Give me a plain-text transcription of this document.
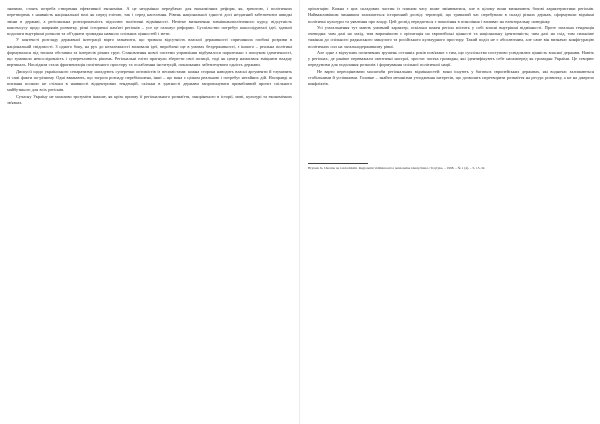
значимо, стоять потреба створення ефективної економіки. А це неодмінно передбачає для економічних реформ, як, зрештою, і політичних перетворень є наявність національної волі як перед елітою, так і серед населення. Рівень національної єдності досі нездатний забезпечити швидкі зміни в державі, а регіональна розпорошеність підсилює політичні відмінності. Нечітке визначення зовнішньополітичного курсу, відсутність консенсусу щодо напрямів розвитку, різні історичні пам'яті регіонів – усе це гальмує реформи. Суспільство потребує консолідуючої ідеї, здатної подолати внутрішні розколи та об'єднати громадян навколо спільних цінностей і мети.

У контексті розгляду державної інтеграції варто зазначити, що тривала відсутність власної державності спричинила глибокі розриви в національній свідомості. З одного боку, на рух до незалежності впливали ідеї, вироблені ще в умовах бездержавності, з іншого – реальна політика формувалася під тиском обставин та інтересів різних груп. Становлення нової системи управління відбувалося паралельно з пошуком ідентичності, що зумовило непослідовність і суперечливість рішень. Регіональні еліти прагнули зберегти свої позиції, тоді як центр намагався зміцнити владну вертикаль. Наслідком стала фрагментація політичного простору та ослаблення інституцій, покликаних забезпечувати єдність держави.

Дискусії щодо українського сепаратизму нагадують суперечки оптимістів із песимістами: кожна сторона наводить власні аргументи й тлумачить ті самі факти по-різному. Одні вважають, що загроза розпаду перебільшена, інші – що вона є цілком реальною і потребує негайних дій. Насправді ж питання полягає не стільки в наявності відцентрових тенденцій, скільки в здатності держави запропонувати привабливий проєкт спільного майбутнього для всіх регіонів.

Сучасну Україну не можливо зрозуміти інакше, як крізь призму її регіонального розмаїття, закоріненого в історії, мові, культурі та економічних зв'язках.

орієнтацію. Кожна з цих складових частин із плином часу може змінюватися, але в цілому вони визначають базові характеристики регіонів. Найважливішим чинником залишається історичний досвід: території, що тривалий час перебували в складі різних держав, сформували відмінні політичні культури та уявлення про владу. Цей досвід передається з покоління в покоління і впливає на електоральну поведінку.

Усі узагальнення тут мають умовний характер, оскільки кожен регіон містить у собі власні внутрішні відмінності. Проте загальна тенденція очевидна: чим далі на захід, тим виразнішою є орієнтація на європейські цінності та національну ідентичність; чим далі на схід, тим сильніше тяжіння до спільного радянського минулого та російського культурного простору. Такий поділ не є абсолютним, але саме він визначає конфігурацію політичних сил на загальнодержавному рівні.

Але одне з відчутних позитивних зрушень останніх років пов'язане з тим, що суспільство поступово усвідомлює цінність власної держави. Навіть у регіонах, де раніше переважали скептичні настрої, зростає частка громадян, які ідентифікують себе насамперед як громадян України. Це створює передумови для подолання розколів і формування спільної політичної нації.

Не варто переоцінювати масштаби регіональних відмінностей: вони існують у багатьох європейських державах, які водночас залишаються стабільними й успішними. Головне – знайти механізми узгодження інтересів, що дозволять перетворити розмаїття на ресурс розвитку, а не на джерело конфліктів.

Hrytsak Ja. Ukraina na rozdorizhzhi. Regionalni vidminnosti ta natsionalna identychnist // Krytyka. – 1998. – № 1 (4). – S. 13–32.
